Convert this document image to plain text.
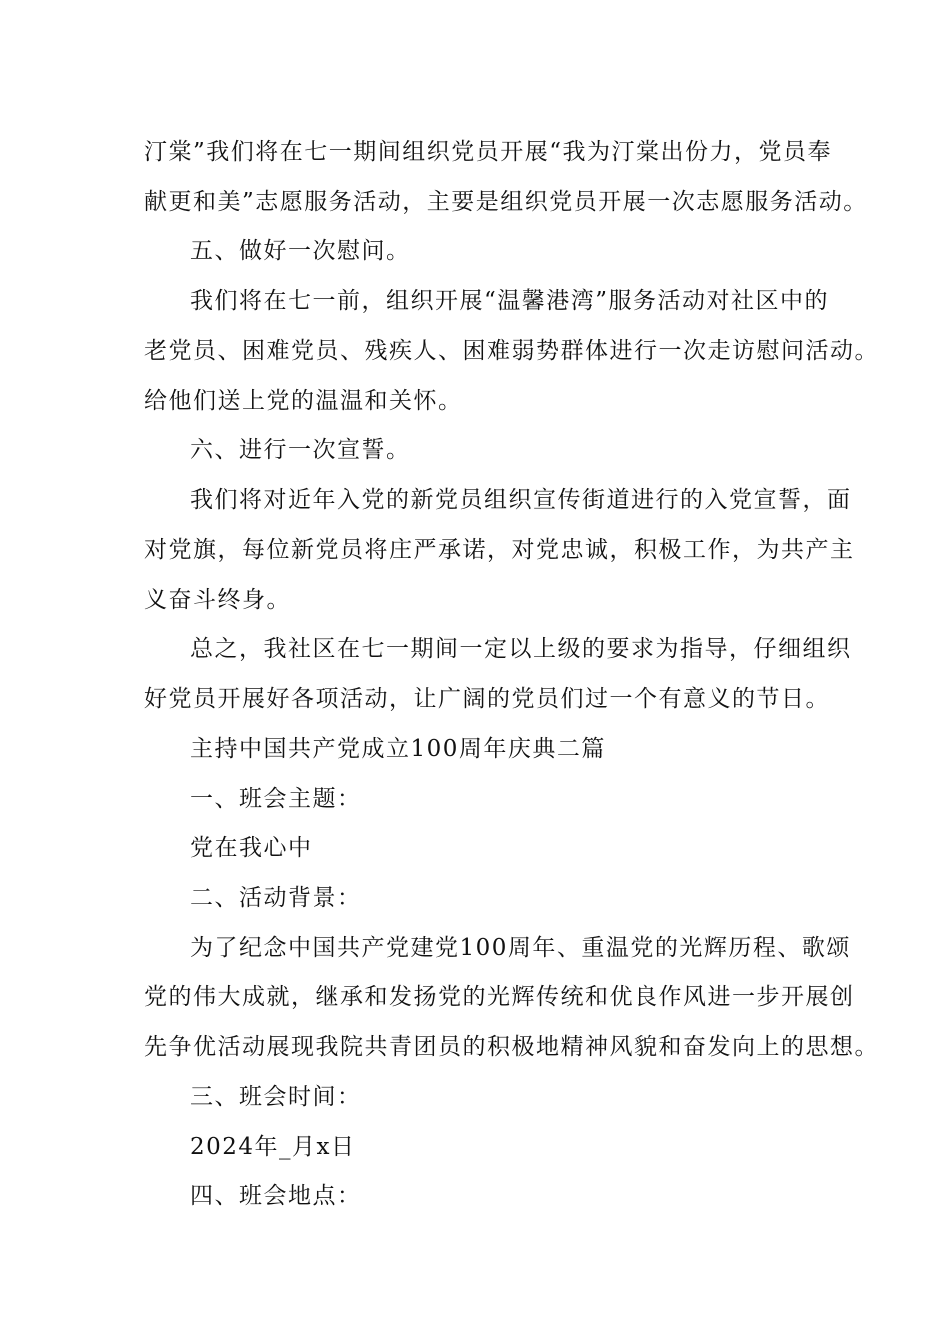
汀棠”我们将在七一期间组织党员开展“我为汀棠出份力，党员奉
献更和美”志愿服务活动，主要是组织党员开展一次志愿服务活动。
五、做好一次慰问。
我们将在七一前，组织开展“温馨港湾”服务活动对社区中的
老党员、困难党员、残疾人、困难弱势群体进行一次走访慰问活动。
给他们送上党的温温和关怀。
六、进行一次宣誓。
我们将对近年入党的新党员组织宣传街道进行的入党宣誓，面
对党旗，每位新党员将庄严承诺，对党忠诚，积极工作，为共产主
义奋斗终身。
总之，我社区在七一期间一定以上级的要求为指导，仔细组织
好党员开展好各项活动，让广阔的党员们过一个有意义的节日。
主持中国共产党成立100周年庆典二篇
一、班会主题：
党在我心中
二、活动背景：
为了纪念中国共产党建党100周年、重温党的光辉历程、歌颂
党的伟大成就，继承和发扬党的光辉传统和优良作风进一步开展创
先争优活动展现我院共青团员的积极地精神风貌和奋发向上的思想。
三、班会时间：
2024年_月x日
四、班会地点：
